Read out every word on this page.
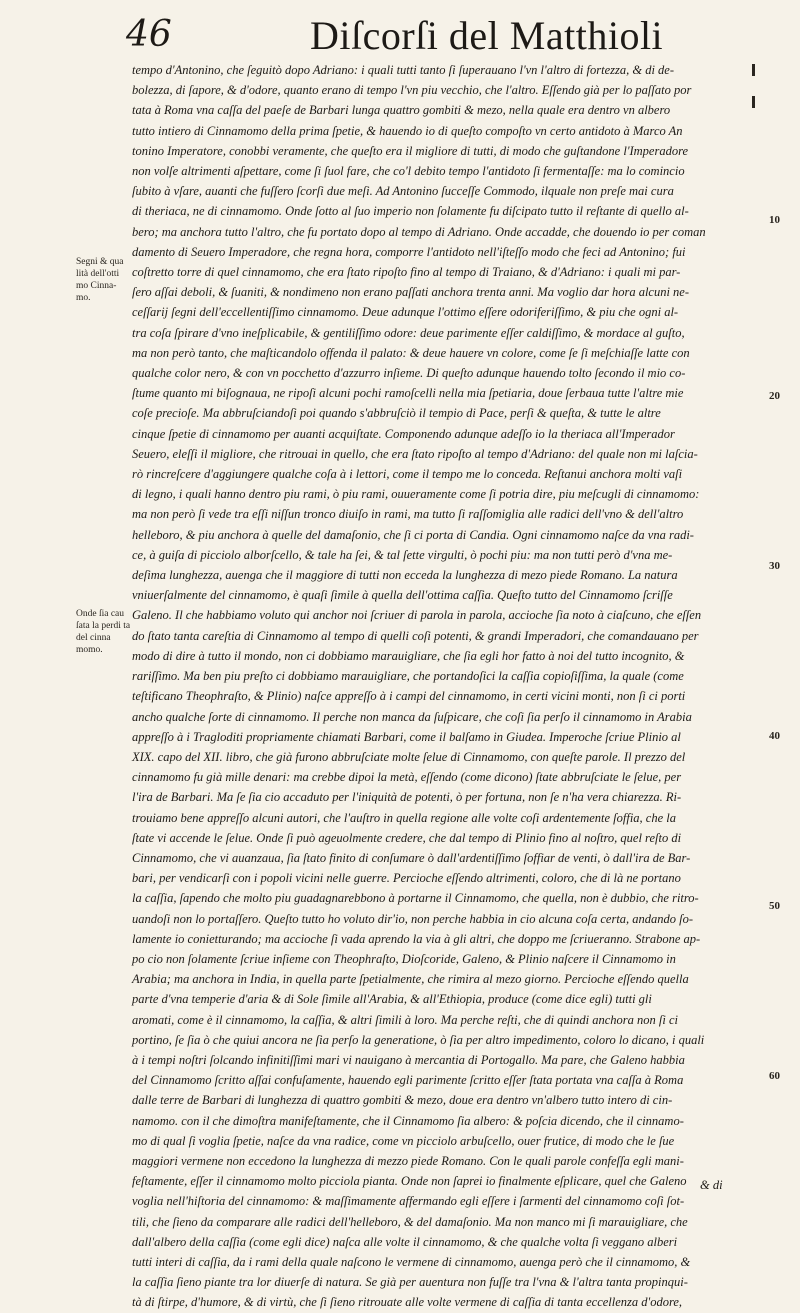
46	Diſcorſi del Matthioli
Segni & qua lità dell'otti mo Cinna- mo.
Onde ſia cau ſata la perdi ta del cinna momo.
10
20
30
40
50
60
tempo d'Antonino, che ſeguitò dopo Adriano: i quali tutti tanto ſi ſuperauano l'vn l'altro di fortezza, & di de-
bolezza, di ſapore, & d'odore, quanto erano di tempo l'vn piu vecchio, che l'altro. Eſſendo già per lo paſſato por
tata à Roma vna caſſa del paeſe de Barbari lunga quattro gombiti & mezo, nella quale era dentro vn albero
tutto intiero di Cinnamomo della prima ſpetie, & hauendo io di queſto compoſto vn certo antidoto à Marco An
tonino Imperatore, conobbi veramente, che queſto era il migliore di tutti, di modo che guſtandone l'Imperadore
non volſe altrimenti aſpettare, come ſi ſuol fare, che co'l debito tempo l'antidoto ſi fermentaſſe: ma lo comincio
ſubito à vſare, auanti che fuſſero ſcorſi due meſi. Ad Antonino ſucceſſe Commodo, ilquale non preſe mai cura
di theriaca, ne di cinnamomo. Onde ſotto al ſuo imperio non ſolamente fu diſcipato tutto il reſtante di quello al-
bero; ma anchora tutto l'altro, che fu portato dopo al tempo di Adriano. Onde accadde, che douendo io per coman
damento di Seuero Imperadore, che regna hora, comporre l'antidoto nell'iſteſſo modo che feci ad Antonino; fui
coſtretto torre di quel cinnamomo, che era ſtato ripoſto fino al tempo di Traiano, & d'Adriano: i quali mi par-
ſero aſſai deboli, & ſuaniti, & nondimeno non erano paſſati anchora trenta anni. Ma voglio dar hora alcuni ne-
ceſſarij ſegni dell'eccellentiſſimo cinnamomo. Deue adunque l'ottimo eſſere odoriferiſſimo, & piu che ogni al-
tra coſa ſpirare d'vno ineſplicabile, & gentiliſſimo odore: deue parimente eſſer caldiſſimo, & mordace al guſto,
ma non però tanto, che maſticandolo offenda il palato: & deue hauere vn colore, come ſe ſi meſchiaſſe latte con
qualche color nero, & con vn pocchetto d'azzurro inſieme. Di queſto adunque hauendo tolto ſecondo il mio co-
ſtume quanto mi biſognaua, ne ripoſi alcuni pochi ramoſcelli nella mia ſpetiaria, doue ſerbaua tutte l'altre mie
coſe precioſe. Ma abbruſciandoſi poi quando s'abbruſciò il tempio di Pace, perſi & queſta, & tutte le altre
cinque ſpetie di cinnamomo per auanti acquiſtate. Componendo adunque adeſſo io la theriaca all'Imperador
Seuero, eleſſi il migliore, che ritrouai in quello, che era ſtato ripoſto al tempo d'Adriano: del quale non mi laſcia-
rò rincreſcere d'aggiungere qualche coſa à i lettori, come il tempo me lo conceda. Reſtanui anchora molti vaſi
di legno, i quali hanno dentro piu rami, ò piu rami, ouueramente come ſi potria dire, piu meſcugli di cinnamomo:
ma non però ſi vede tra eſſi niſſun tronco diuiſo in rami, ma tutto ſi raſſomiglia alle radici dell'vno & dell'altro
helleboro, & piu anchora à quelle del damaſonio, che ſi ci porta di Candia. Ogni cinnamomo naſce da vna radi-
ce, à guiſa di picciolo alborſcello, & tale ha ſei, & tal ſette virgulti, ò pochi piu: ma non tutti però d'vna me-
deſima lunghezza, auenga che il maggiore di tutti non ecceda la lunghezza di mezo piede Romano. La natura
vniuerſalmente del cinnamomo, è quaſi ſimile à quella dell'ottima caſſia. Queſto tutto del Cinnamomo ſcriſſe
Galeno. Il che habbiamo voluto qui anchor noi ſcriuer di parola in parola, accioche ſia noto à ciaſcuno, che eſſen
do ſtato tanta careſtia di Cinnamomo al tempo di quelli coſi potenti, & grandi Imperadori, che comandauano per
modo di dire à tutto il mondo, non ci dobbiamo marauigliare, che ſia egli hor fatto à noi del tutto incognito, &
rariſſimo. Ma ben piu preſto ci dobbiamo marauigliare, che portandoſici la caſſia copioſiſſima, la quale (come
teſtificano Theophraſto, & Plinio) naſce appreſſo à i campi del cinnamomo, in certi vicini monti, non ſi ci porti
ancho qualche ſorte di cinnamomo. Il perche non manca da ſuſpicare, che coſi ſia perſo il cinnamomo in Arabia
appreſſo à i Tragloditi propriamente chiamati Barbari, come il balſamo in Giudea. Imperoche ſcriue Plinio al
XIX. capo del XII. libro, che già furono abbruſciate molte ſelue di Cinnamomo, con queſte parole. Il prezzo del
cinnamomo fu già mille denari: ma crebbe dipoi la metà, eſſendo (come dicono) ſtate abbruſciate le ſelue, per
l'ira de Barbari. Ma ſe ſia cio accaduto per l'iniquità de potenti, ò per fortuna, non ſe n'ha vera chiarezza. Ri-
trouiamo bene appreſſo alcuni autori, che l'auſtro in quella regione alle volte coſi ardentemente ſoffia, che la
ſtate vi accende le ſelue. Onde ſi può ageuolmente credere, che dal tempo di Plinio fino al noſtro, quel reſto di
Cinnamomo, che vi auanzaua, ſia ſtato finito di conſumare ò dall'ardentiſſimo ſoffiar de venti, ò dall'ira de Bar-
bari, per vendicarſi con i popoli vicini nelle guerre. Percioche eſſendo altrimenti, coloro, che di là ne portano
la caſſia, ſapendo che molto piu guadagnarebbono à portarne il Cinnamomo, che quella, non è dubbio, che ritro-
uandoſi non lo portaſſero. Queſto tutto ho voluto dir'io, non perche habbia in cio alcuna coſa certa, andando ſo-
lamente io conietturando; ma accioche ſi vada aprendo la via à gli altri, che doppo me ſcriueranno. Strabone ap-
po cio non ſolamente ſcriue inſieme con Theophraſto, Dioſcoride, Galeno, & Plinio naſcere il Cinnamomo in
Arabia; ma anchora in India, in quella parte ſpetialmente, che rimira al mezo giorno. Percioche eſſendo quella
parte d'vna temperie d'aria & di Sole ſimile all'Arabia, & all'Ethiopia, produce (come dice egli) tutti gli
aromati, come è il cinnamomo, la caſſia, & altri ſimili à loro. Ma perche reſti, che di quindi anchora non ſi ci
portino, ſe ſia ò che quiui ancora ne ſia perſo la generatione, ò ſia per altro impedimento, coloro lo dicano, i quali
à i tempi noſtri ſolcando infinitiſſimi mari vi nauigano à mercantia di Portogallo. Ma pare, che Galeno habbia
del Cinnamomo ſcritto aſſai confuſamente, hauendo egli parimente ſcritto eſſer ſtata portata vna caſſa à Roma
dalle terre de Barbari di lunghezza di quattro gombiti & mezo, doue era dentro vn'albero tutto intero di cin-
namomo. con il che dimoſtra manifeſtamente, che il Cinnamomo ſia albero: & poſcia dicendo, che il cinnamo-
mo di qual ſi voglia ſpetie, naſce da vna radice, come vn picciolo arbuſcello, ouer frutice, di modo che le ſue
maggiori vermene non eccedono la lunghezza di mezzo piede Romano. Con le quali parole confeſſa egli mani-
feſtamente, eſſer il cinnamomo molto picciola pianta. Onde non ſaprei io finalmente eſplicare, quel che Galeno
voglia nell'hiſtoria del cinnamomo: & maſſimamente affermando egli eſſere i ſarmenti del cinnamomo coſi ſot-
tili, che ſieno da comparare alle radici dell'helleboro, & del damaſonio. Ma non manco mi ſi marauigliare, che
dall'albero della caſſia (come egli dice) naſca alle volte il cinnamomo, & che qualche volta ſi veggano alberi
tutti interi di caſſia, da i rami della quale naſcono le vermene di cinnamomo, auenga però che il cinnamomo, &
la caſſia ſieno piante tra lor diuerſe di natura. Se già per auentura non fuſſe tra l'vna & l'altra tanta propinqui-
tà di ſtirpe, d'humore, & di virtù, che ſi ſieno ritrouate alle volte vermene di caſſia di tanta eccellenza d'odore,
& di
